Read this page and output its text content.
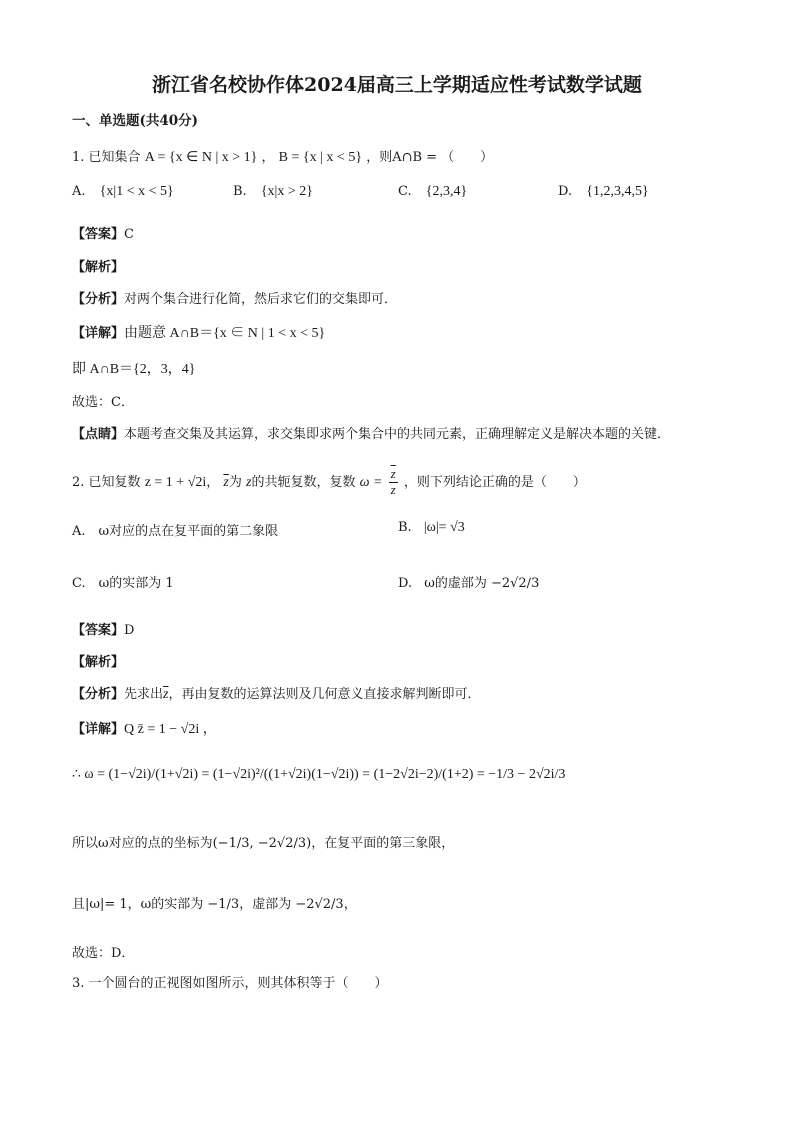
浙江省名校协作体2024届高三上学期适应性考试数学试题
一、单选题(共40分)
1. 已知集合 A = {x ∈ N | x > 1} ， B = {x | x < 5} ，则A∩B = （　　）
A. {x|1 < x < 5}	B. {x|x > 2}	C. {2,3,4}	D. {1,2,3,4,5}
【答案】C
【解析】
【分析】对两个集合进行化简，然后求它们的交集即可．
【详解】由题意 A∩B＝{x ∈ N | 1 < x < 5}
即 A∩B＝{2，3，4}
故选：C．
【点睛】本题考查交集及其运算，求交集即求两个集合中的共同元素，正确理解定义是解决本题的关键．
2. 已知复数 z = 1 + √2i， $\overline{z}$为 z的共轭复数，复数 $\omega = \frac{\overline{z}}{z}$ ，则下列结论正确的是（　　）
A.　ω对应的点在复平面的第二象限	B. |ω|= √3
C.　ω的实部为 1	D. ω的虚部为 −2√2/3
【答案】D
【解析】
【分析】先求出$\overline{z}$，再由复数的运算法则及几何意义直接求解判断即可．
【详解】Q z̄ = 1 − √2i ，
∴ ω = (1−√2i)/(1+√2i) = (1−√2i)²/((1+√2i)(1−√2i)) = (1−2√2i−2)/(1+2) = −1/3 − 2√2i/3
所以ω对应的点的坐标为(−1/3, −2√2/3)，在复平面的第三象限，
且|ω|= 1，ω的实部为 −1/3，虚部为 −2√2/3，
故选：D．
3. 一个圆台的正视图如图所示，则其体积等于（　　）
